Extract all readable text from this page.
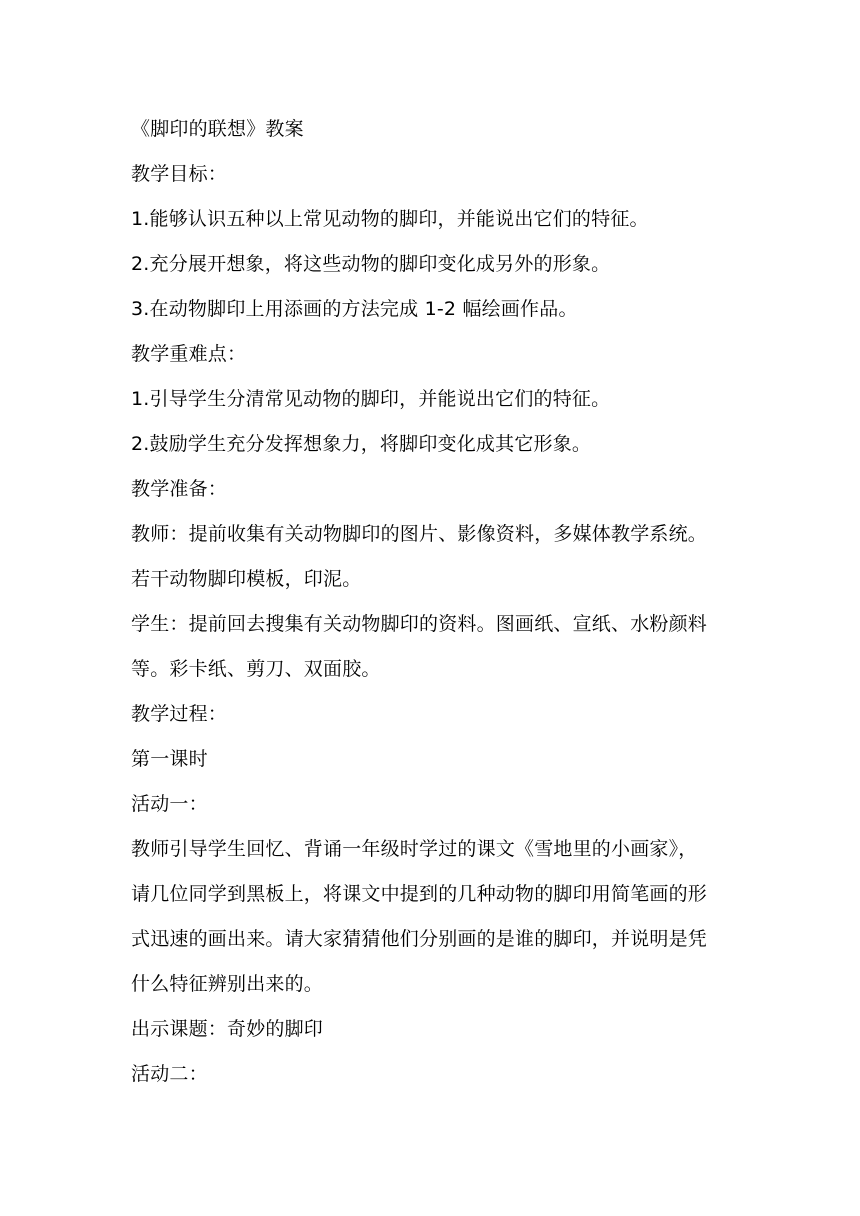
《脚印的联想》教案
教学目标：
1.能够认识五种以上常见动物的脚印，并能说出它们的特征。
2.充分展开想象，将这些动物的脚印变化成另外的形象。
3.在动物脚印上用添画的方法完成 1-2 幅绘画作品。
教学重难点：
1.引导学生分清常见动物的脚印，并能说出它们的特征。
2.鼓励学生充分发挥想象力，将脚印变化成其它形象。
教学准备：
教师：提前收集有关动物脚印的图片、影像资料，多媒体教学系统。
若干动物脚印模板，印泥。
学生：提前回去搜集有关动物脚印的资料。图画纸、宣纸、水粉颜料
等。彩卡纸、剪刀、双面胶。
教学过程：
第一课时
活动一：
教师引导学生回忆、背诵一年级时学过的课文《雪地里的小画家》，
请几位同学到黑板上，将课文中提到的几种动物的脚印用简笔画的形
式迅速的画出来。请大家猜猜他们分别画的是谁的脚印，并说明是凭
什么特征辨别出来的。
出示课题：奇妙的脚印
活动二：
